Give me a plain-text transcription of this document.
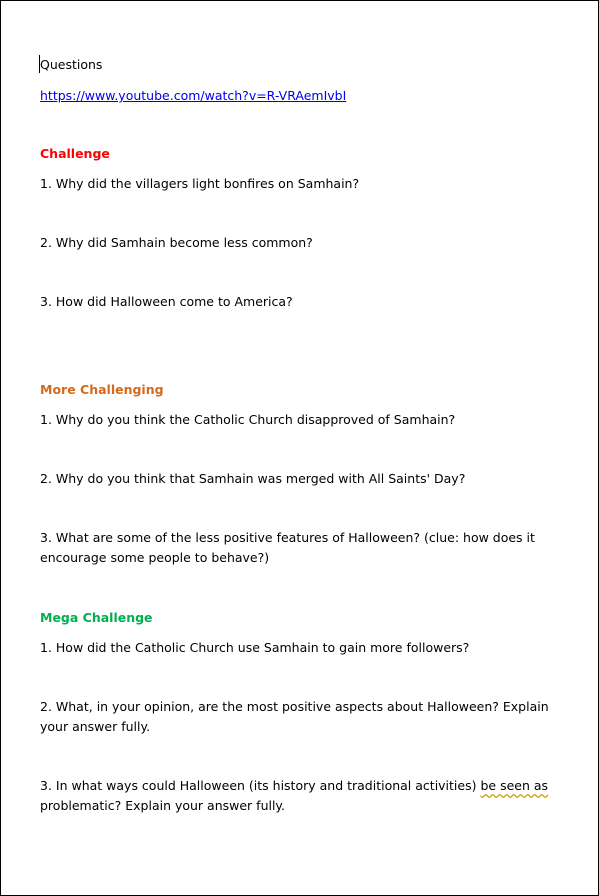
Questions
https://www.youtube.com/watch?v=R-VRAemIvbI
Challenge
1. Why did the villagers light bonfires on Samhain?
2. Why did Samhain become less common?
3. How did Halloween come to America?
More Challenging
1. Why do you think the Catholic Church disapproved of Samhain?
2. Why do you think that Samhain was merged with All Saints' Day?
3. What are some of the less positive features of Halloween? (clue: how does it encourage some people to behave?)
Mega Challenge
1. How did the Catholic Church use Samhain to gain more followers?
2. What, in your opinion, are the most positive aspects about Halloween? Explain your answer fully.
3. In what ways could Halloween (its history and traditional activities) be seen as problematic? Explain your answer fully.
